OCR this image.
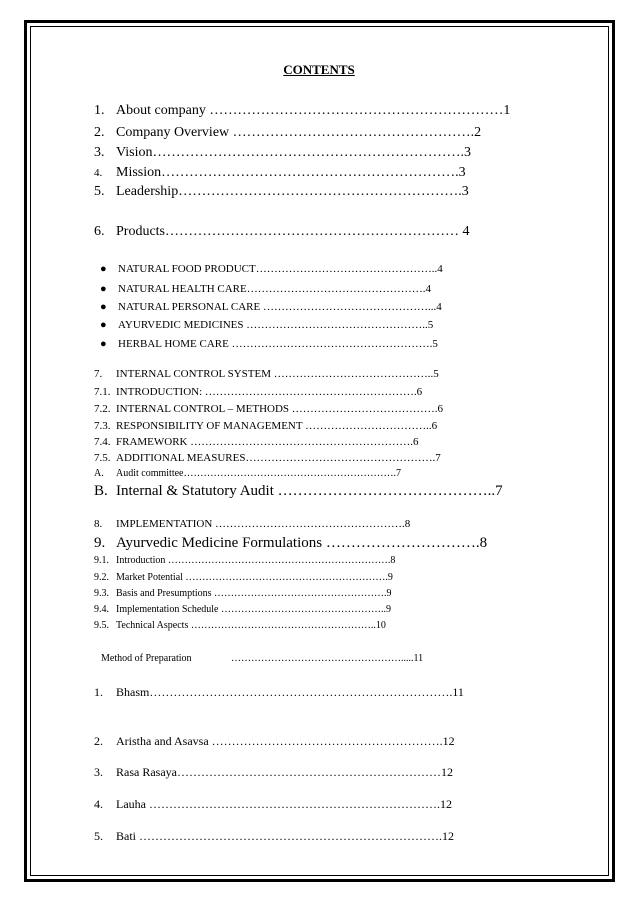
CONTENTS
1. About company ………………………………………………………1
2. Company Overview …………………………………………….2
3. Vision………………………………………………………….3
4. Mission……………………………………………………….3
5. Leadership…………………………………………………….3
6. Products……………………………………………………… 4
● NATURAL FOOD PRODUCT…………………………………………..4
● NATURAL HEALTH CARE………………………………………….4
● NATURAL PERSONAL CARE ………………………………………...4
● AYURVEDIC MEDICINES …………………………………………..5
● HERBAL HOME CARE ……………………………………………….5
7. INTERNAL CONTROL SYSTEM ……………………………………..5
7.1. INTRODUCTION: ………………………………………………….6
7.2. INTERNAL CONTROL – METHODS ………………………………….6
7.3. RESPONSIBILITY OF MANAGEMENT ……………………………..6
7.4. FRAMEWORK …………………………………………………….6
7.5. ADDITIONAL MEASURES…………………………………………….7
A. Audit committee……………………………………………………….7
B. Internal & Statutory Audit ……………………………………..7
8. IMPLEMENTATION …………………………………………….8
9. Ayurvedic Medicine Formulations ………………………….8
9.1. Introduction ………………………………………………………….8
9.2. Market Potential …………………………………………………….9
9.3. Basis and Presumptions …………………………………………….9
9.4. Implementation Schedule …………………………………………..9
9.5. Technical Aspects ………………………………………………..10
Method of Preparation	…………………………………………….....11
1. Bhasm………………………………………………………………….11
2. Aristha and Asavsa ………………………………………………….12
3. Rasa Rasaya…………………………………………………………12
4. Lauha ……………………………………………………………….12
5. Bati ………………………………………………………………….12
